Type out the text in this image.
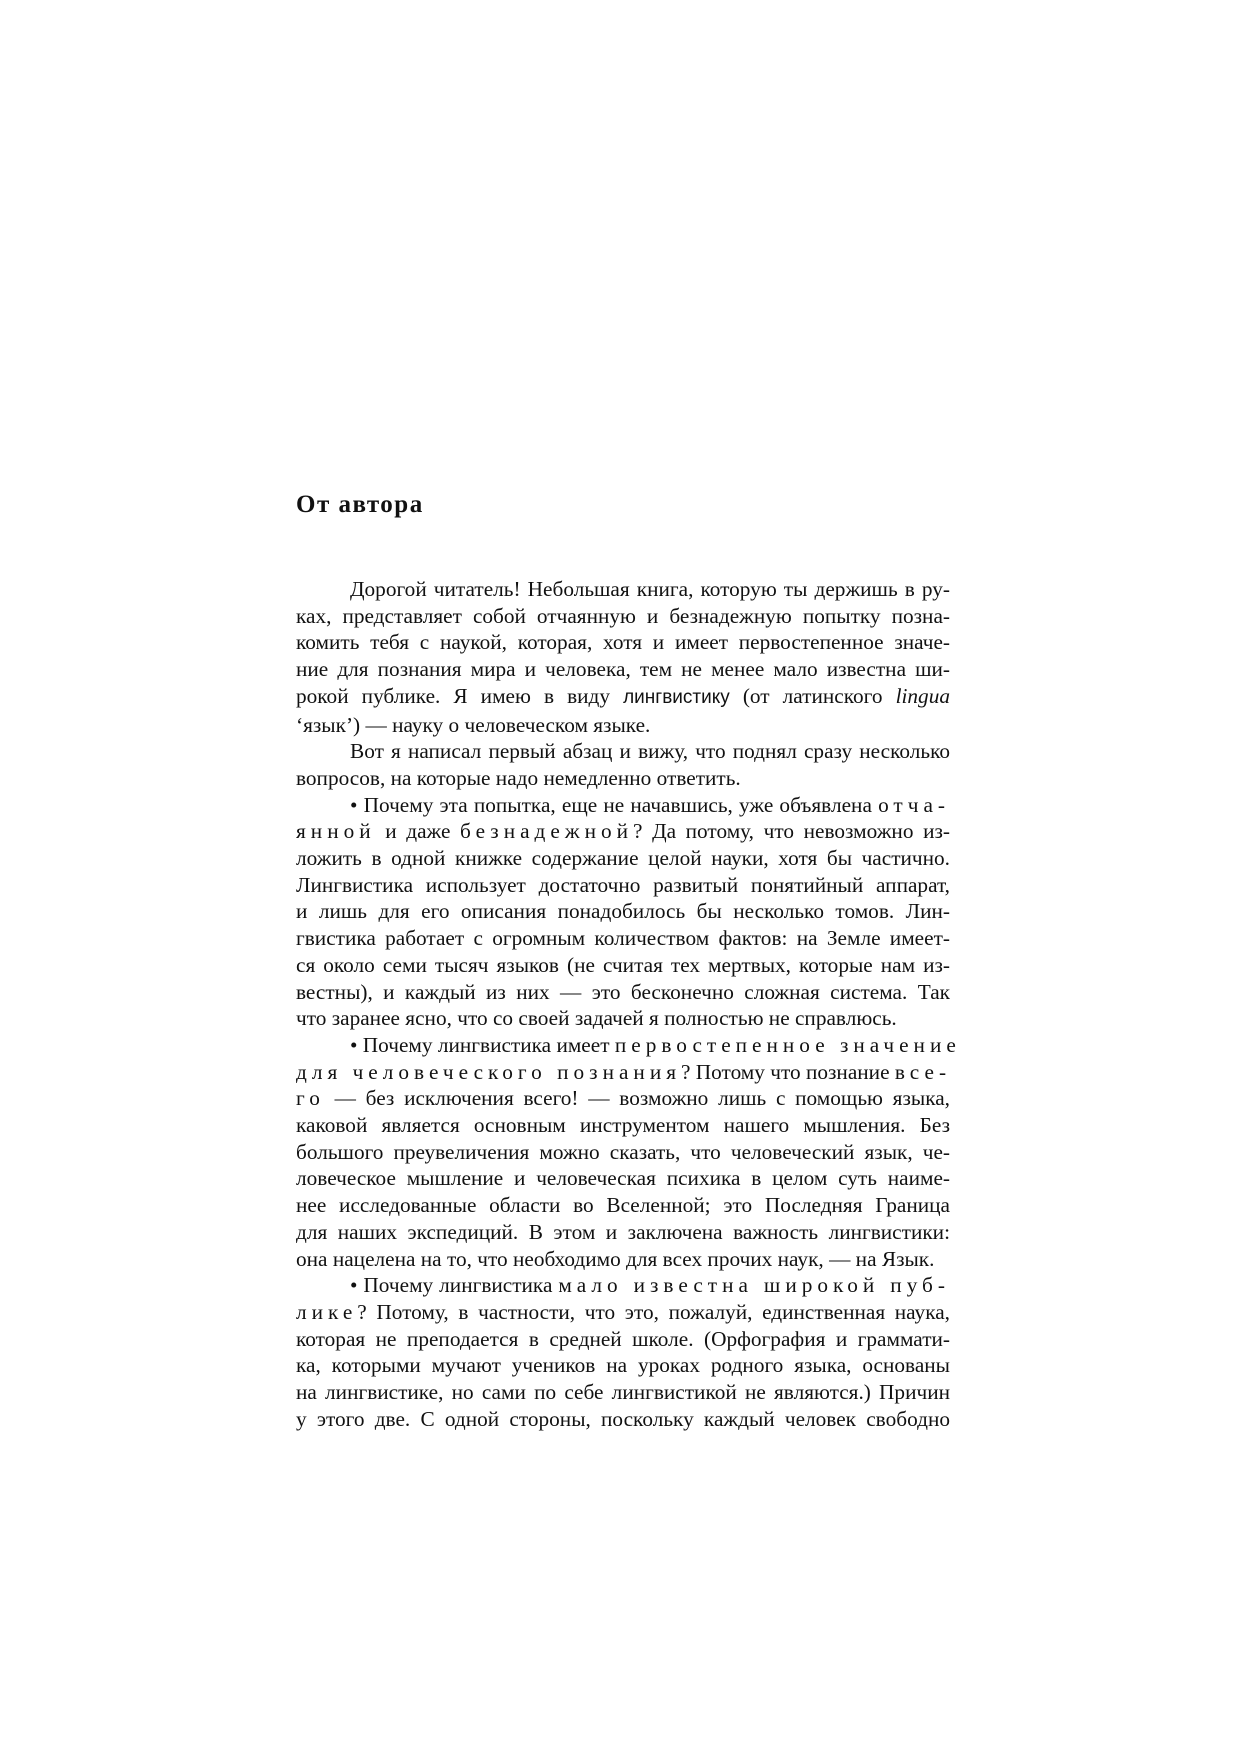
От автора
Дорогой читатель! Небольшая книга, которую ты держишь в ру-
ках, представляет собой отчаянную и безнадежную попытку позна-
комить тебя с наукой, которая, хотя и имеет первостепенное значе-
ние для познания мира и человека, тем не менее мало известна ши-
рокой публике. Я имею в виду лингвистику (от латинского lingua
‘язык’) — науку о человеческом языке.
Вот я написал первый абзац и вижу, что поднял сразу несколько
вопросов, на которые надо немедленно ответить.
• Почему эта попытка, еще не начавшись, уже объявлена отча-
янной и даже безнадежной? Да потому, что невозможно из-
ложить в одной книжке содержание целой науки, хотя бы частично.
Лингвистика использует достаточно развитый понятийный аппарат,
и лишь для его описания понадобилось бы несколько томов. Лин-
гвистика работает с огромным количеством фактов: на Земле имеет-
ся около семи тысяч языков (не считая тех мертвых, которые нам из-
вестны), и каждый из них — это бесконечно сложная система. Так
что заранее ясно, что со своей задачей я полностью не справлюсь.
• Почему лингвистика имеет первостепенное значение
для человеческого познания? Потому что познание все-
го — без исключения всего! — возможно лишь с помощью языка,
каковой является основным инструментом нашего мышления. Без
большого преувеличения можно сказать, что человеческий язык, че-
ловеческое мышление и человеческая психика в целом суть наиме-
нее исследованные области во Вселенной; это Последняя Граница
для наших экспедиций. В этом и заключена важность лингвистики:
она нацелена на то, что необходимо для всех прочих наук, — на Язык.
• Почему лингвистика мало известна широкой пуб-
лике? Потому, в частности, что это, пожалуй, единственная наука,
которая не преподается в средней школе. (Орфография и граммати-
ка, которыми мучают учеников на уроках родного языка, основаны
на лингвистике, но сами по себе лингвистикой не являются.) Причин
у этого две. С одной стороны, поскольку каждый человек свободно
